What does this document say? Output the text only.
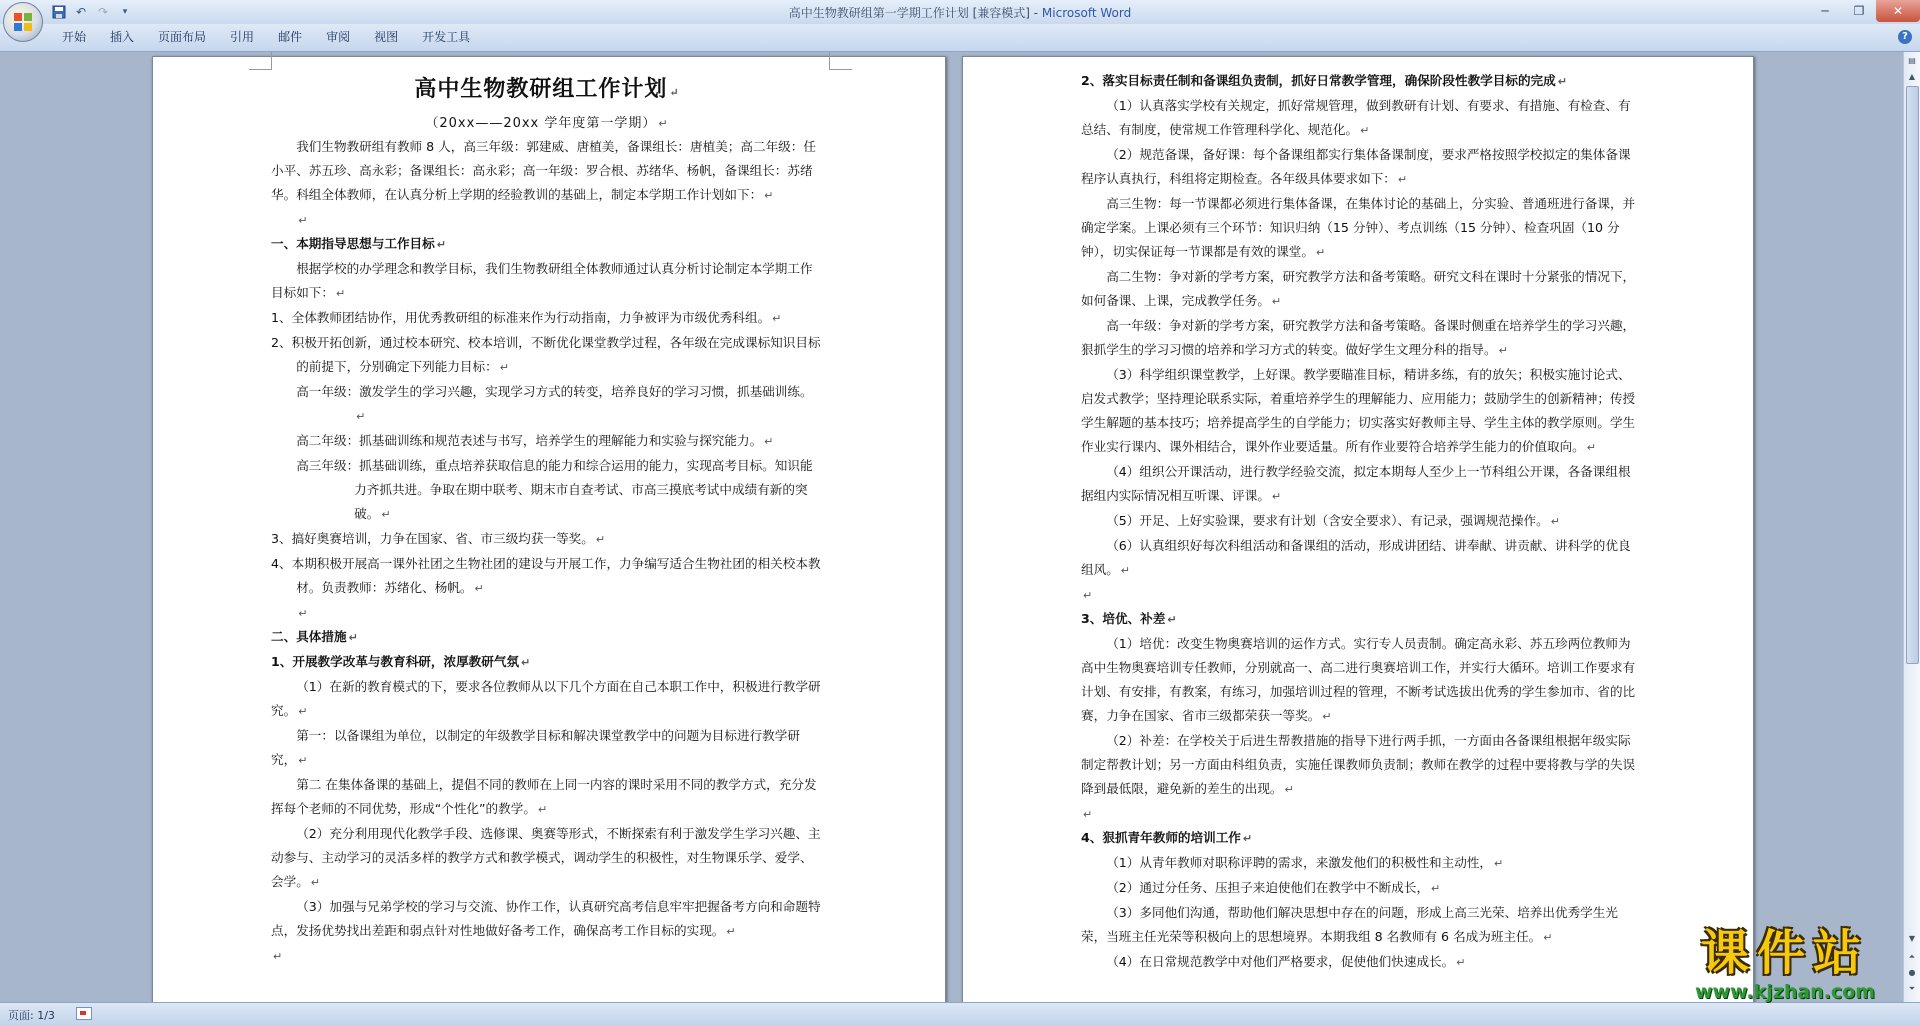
↶ ↷	▾	高中生物教研组第一学期工作计划 [兼容模式] - Microsoft Word	─	❐	✕
开始	插入	页面布局	引用	邮件	审阅	视图	开发工具	?

高中生物教研组工作计划 ↵

（20xx——20xx 学年度第一学期） ↵

我们生物教研组有教师 8 人，高三年级：郭建威、唐植美，备课组长：唐植美；高二年级：任小平、苏五珍、高永彩；备课组长：高永彩；高一年级：罗合根、苏绪华、杨帆，备课组长：苏绪华。科组全体教师，在认真分析上学期的经验教训的基础上，制定本学期工作计划如下： ↵

↵

一、本期指导思想与工作目标 ↵

根据学校的办学理念和教学目标，我们生物教研组全体教师通过认真分析讨论制定本学期工作目标如下： ↵

1、全体教师团结协作，用优秀教研组的标准来作为行动指南，力争被评为市级优秀科组。 ↵

2、积极开拓创新，通过校本研究、校本培训，不断优化课堂教学过程，各年级在完成课标知识目标的前提下，分别确定下列能力目标： ↵

高一年级：激发学生的学习兴趣，实现学习方式的转变，培养良好的学习习惯，抓基础训练。↵

高二年级：抓基础训练和规范表述与书写，培养学生的理解能力和实验与探究能力。 ↵

高三年级：抓基础训练，重点培养获取信息的能力和综合运用的能力，实现高考目标。知识能力齐抓共进。争取在期中联考、期末市自查考试、市高三摸底考试中成绩有新的突破。 ↵

3、搞好奥赛培训，力争在国家、省、市三级均获一等奖。 ↵

4、本期积极开展高一课外社团之生物社团的建设与开展工作，力争编写适合生物社团的相关校本教材。负责教师：苏绪化、杨帆。 ↵

↵

二、具体措施 ↵

1、开展教学改革与教育科研，浓厚教研气氛 ↵

（1）在新的教育模式的下，要求各位教师从以下几个方面在自己本职工作中，积极进行教学研究。 ↵

第一：以备课组为单位，以制定的年级教学目标和解决课堂教学中的问题为目标进行教学研究， ↵

第二 在集体备课的基础上，提倡不同的教师在上同一内容的课时采用不同的教学方式，充分发挥每个老师的不同优势，形成“个性化”的教学。 ↵

（2）充分利用现代化教学手段、选修课、奥赛等形式，不断探索有利于激发学生学习兴趣、主动参与、主动学习的灵活多样的教学方式和教学模式，调动学生的积极性，对生物课乐学、爱学、会学。 ↵

（3）加强与兄弟学校的学习与交流、协作工作，认真研究高考信息牢牢把握备考方向和命题特点，发扬优势找出差距和弱点针对性地做好备考工作，确保高考工作目标的实现。 ↵

↵

2、落实目标责任制和备课组负责制，抓好日常教学管理，确保阶段性教学目标的完成 ↵

（1）认真落实学校有关规定，抓好常规管理，做到教研有计划、有要求、有措施、有检查、有总结、有制度，使常规工作管理科学化、规范化。 ↵

（2）规范备课，备好课：每个备课组都实行集体备课制度，要求严格按照学校拟定的集体备课程序认真执行，科组将定期检查。各年级具体要求如下： ↵

高三生物：每一节课都必须进行集体备课，在集体讨论的基础上，分实验、普通班进行备课，并确定学案。上课必须有三个环节：知识归纳（15 分钟）、考点训练（15 分钟）、检查巩固（10 分钟），切实保证每一节课都是有效的课堂。 ↵

高二生物：争对新的学考方案，研究教学方法和备考策略。研究文科在课时十分紧张的情况下，如何备课、上课，完成教学任务。 ↵

高一年级：争对新的学考方案，研究教学方法和备考策略。备课时侧重在培养学生的学习兴趣，狠抓学生的学习习惯的培养和学习方式的转变。做好学生文理分科的指导。 ↵

（3）科学组织课堂教学，上好课。教学要瞄准目标，精讲多练，有的放矢；积极实施讨论式、启发式教学；坚持理论联系实际，着重培养学生的理解能力、应用能力；鼓励学生的创新精神；传授学生解题的基本技巧；培养提高学生的自学能力；切实落实好教师主导、学生主体的教学原则。学生作业实行课内、课外相结合，课外作业要适量。所有作业要符合培养学生能力的价值取向。 ↵

（4）组织公开课活动，进行教学经验交流，拟定本期每人至少上一节科组公开课，各备课组根据组内实际情况相互听课、评课。 ↵

（5）开足、上好实验课，要求有计划（含安全要求）、有记录，强调规范操作。 ↵

（6）认真组织好每次科组活动和备课组的活动，形成讲团结、讲奉献、讲贡献、讲科学的优良组风。 ↵

↵

3、培优、补差 ↵

（1）培优：改变生物奥赛培训的运作方式。实行专人员责制。确定高永彩、苏五珍两位教师为高中生物奥赛培训专任教师，分别就高一、高二进行奥赛培训工作，并实行大循环。培训工作要求有计划、有安排，有教案，有练习，加强培训过程的管理，不断考试选拔出优秀的学生参加市、省的比赛，力争在国家、省市三级都荣获一等奖。 ↵

（2）补差：在学校关于后进生帮教措施的指导下进行两手抓，一方面由各备课组根据年级实际制定帮教计划；另一方面由科组负责，实施任课教师负责制；教师在教学的过程中要将教与学的失误降到最低限，避免新的差生的出现。 ↵

↵

4、狠抓青年教师的培训工作 ↵

（1）从青年教师对职称评聘的需求，来激发他们的积极性和主动性， ↵

（2）通过分任务、压担子来迫使他们在教学中不断成长， ↵

（3）多同他们沟通，帮助他们解决思想中存在的问题，形成上高三光荣、培养出优秀学生光荣，当班主任光荣等积极向上的思想境界。本期我组 8 名教师有 6 名成为班主任。 ↵

（4）在日常规范教学中对他们严格要求，促使他们快速成长。 ↵

▤
▲
▼
⏶
●
⏷
页面: 1/3
课件站
www.kjzhan.com
